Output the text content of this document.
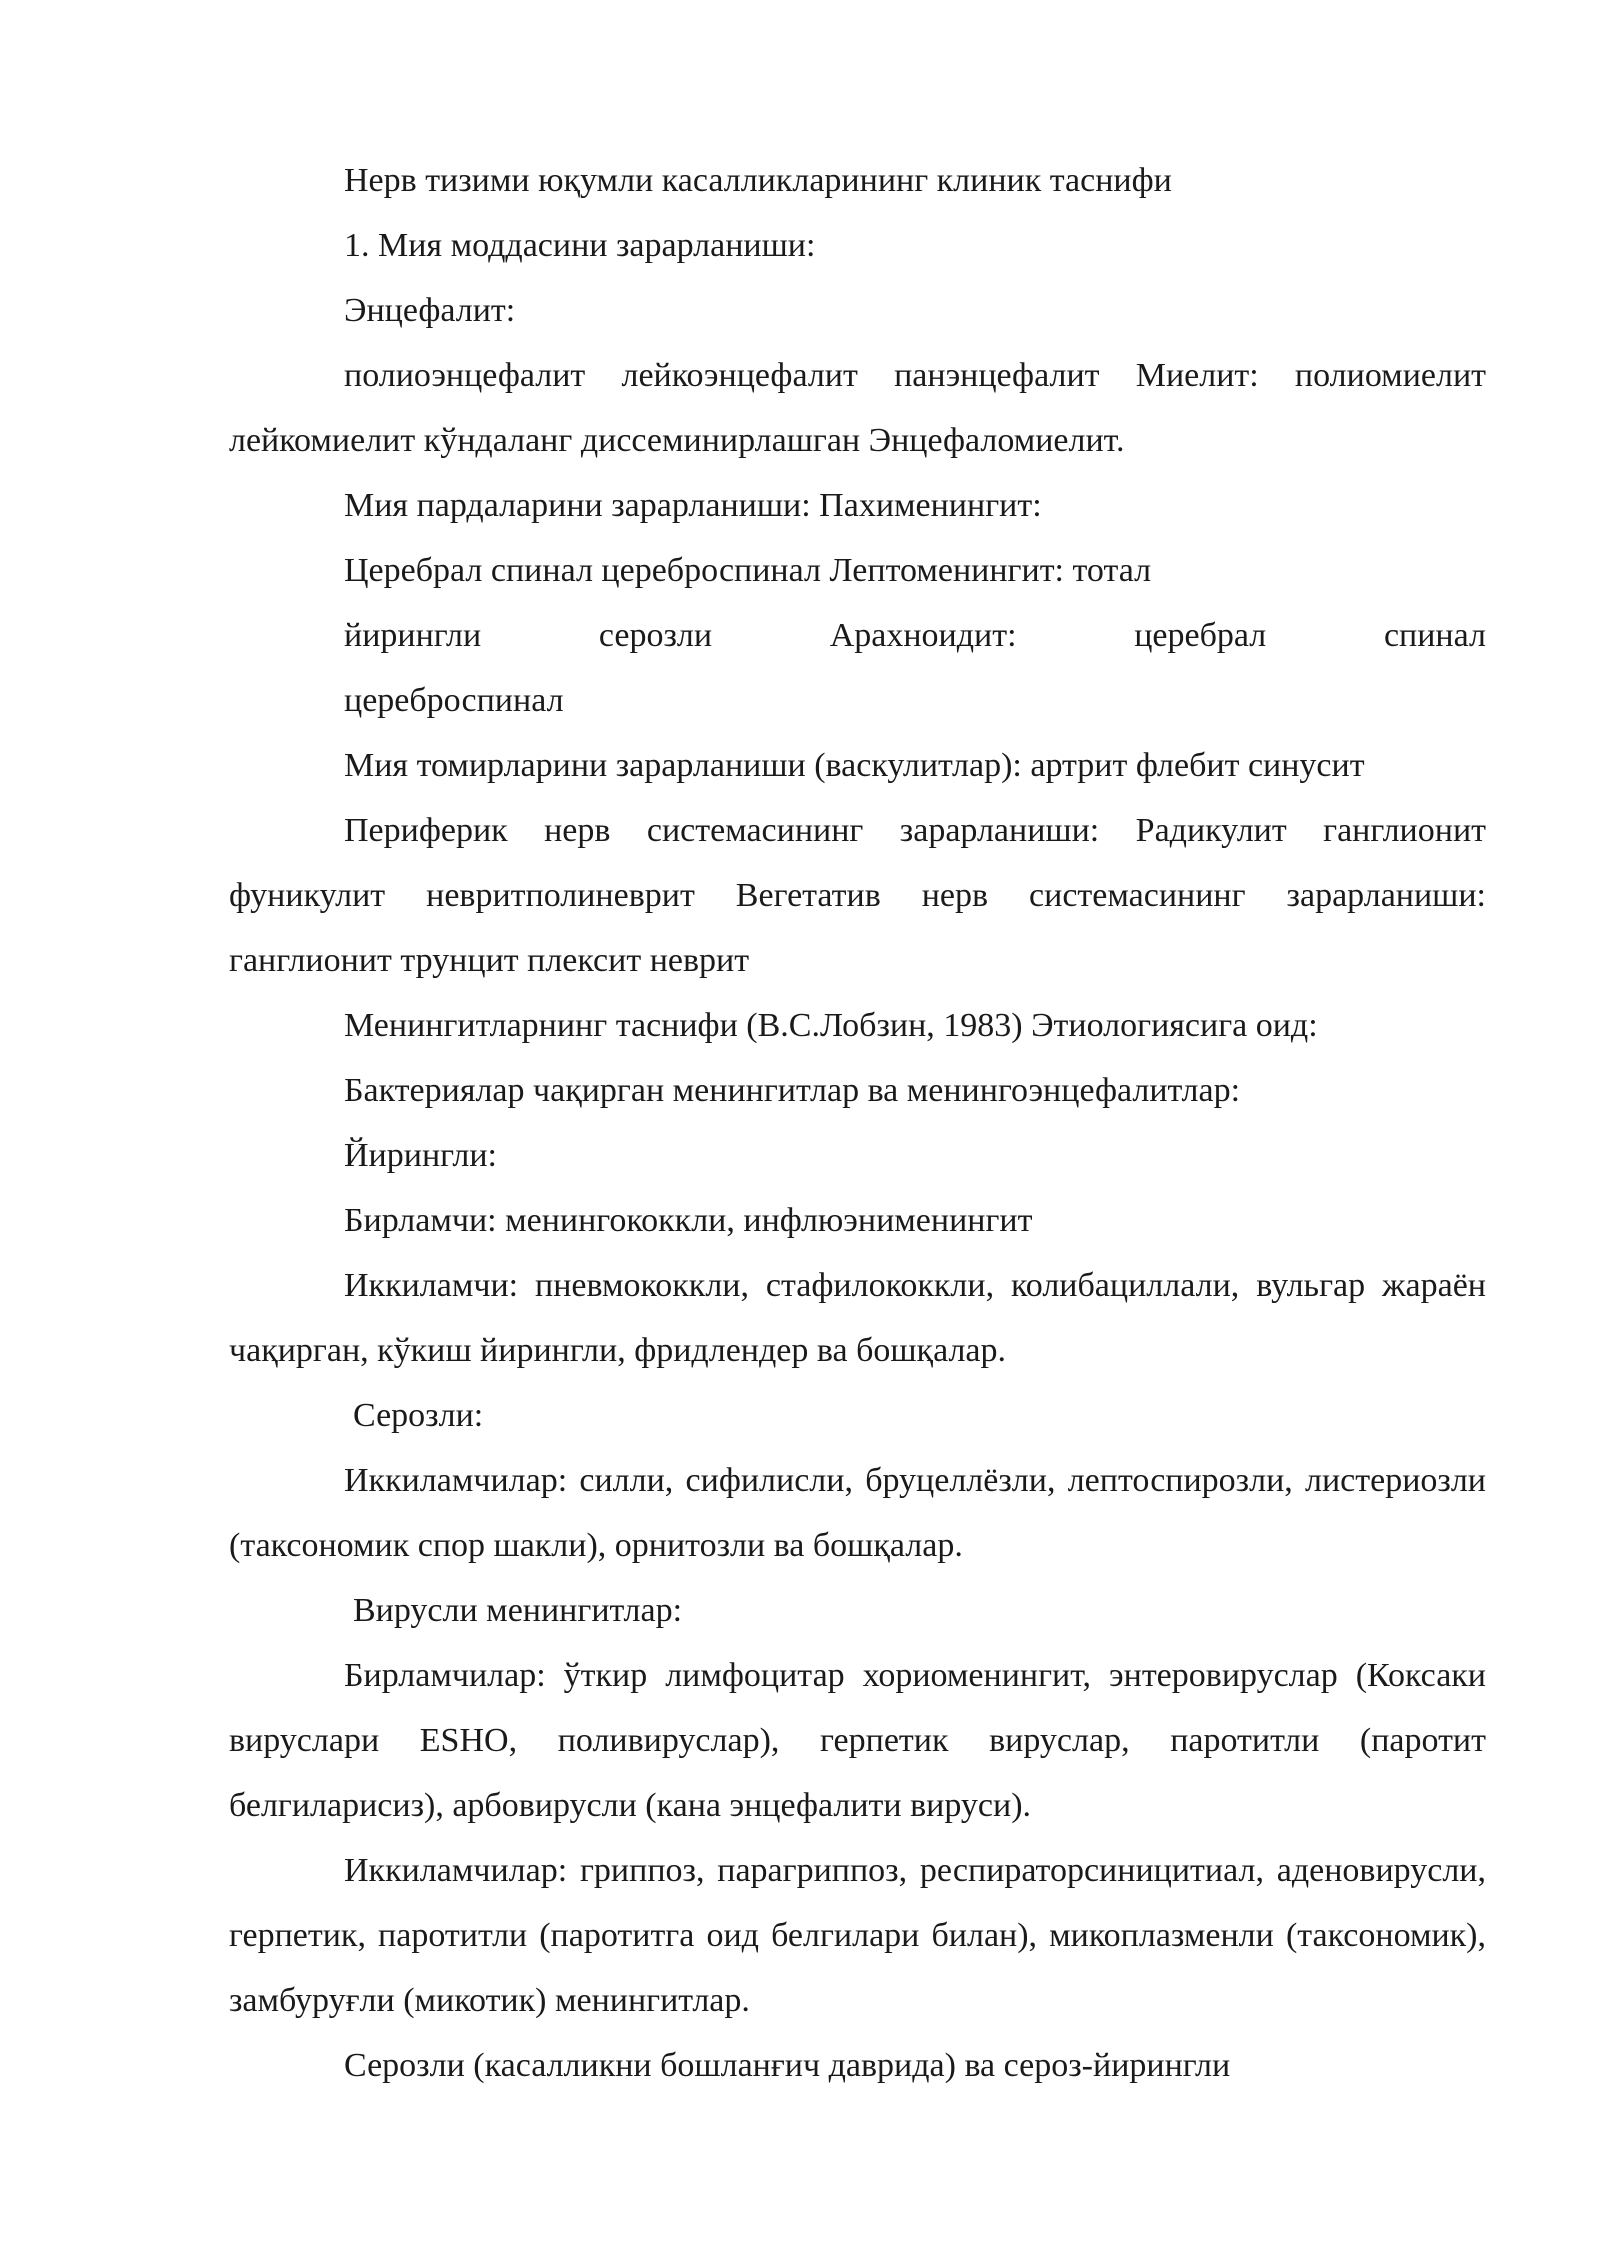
Нерв тизими юқумли касалликларининг клиник таснифи

1. Мия моддасини зарарланиши:

Энцефалит:

полиоэнцефалит лейкоэнцефалит панэнцефалит Миелит: полиомиелит лейкомиелит кўндаланг диссеминирлашган Энцефаломиелит.

Мия пардаларини зарарланиши: Пахименингит:

Церебрал спинал цереброспинал Лептоменингит: тотал

йирингли серозли Арахноидит: церебрал спинал

цереброспинал

Мия томирларини зарарланиши (васкулитлар): артрит флебит синусит

Периферик нерв системасининг зарарланиши: Радикулит ганглионит фуникулит невритполиневрит Вегетатив нерв системасининг зарарланиши: ганглионит трунцит плексит неврит

Менингитларнинг таснифи (В.С.Лобзин, 1983) Этиологиясига оид:

Бактериялар чақирган менингитлар ва менингоэнцефалитлар:

Йирингли:

Бирламчи: менингококкли, инфлюэнименингит

Иккиламчи: пневмококкли, стафилококкли, колибациллали, вульгар жараён чақирган, кўкиш йирингли, фридлендер ва бошқалар.

Серозли:

Иккиламчилар: силли, сифилисли, бруцеллёзли, лептоспирозли, листериозли (таксономик спор шакли), орнитозли ва бошқалар.

Вирусли менингитлар:

Бирламчилар: ўткир лимфоцитар хориоменингит, энтеровируслар (Коксаки вируслари ESHO, поливируслар), герпетик вируслар, паротитли (паротит белгиларисиз), арбовирусли (кана энцефалити вируси).

Иккиламчилар: гриппоз, парагриппоз, респираторсиницитиал, аденовирусли, герпетик, паротитли (паротитга оид белгилари билан), микоплазменли (таксономик), замбуруғли (микотик) менингитлар.

Серозли (касалликни бошланғич даврида) ва сероз-йирингли
